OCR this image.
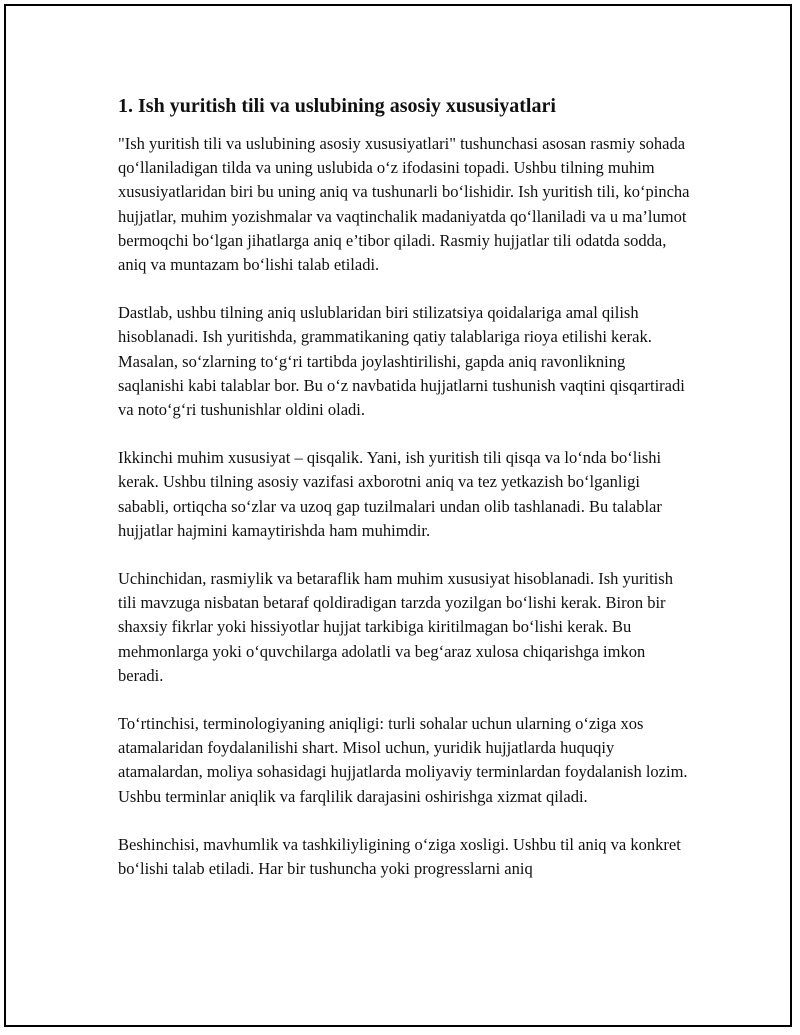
1. Ish yuritish tili va uslubining asosiy xususiyatlari

"Ish yuritish tili va uslubining asosiy xususiyatlari" tushunchasi asosan rasmiy sohada qo‘llaniladigan tilda va uning uslubida o‘z ifodasini topadi. Ushbu tilning muhim xususiyatlaridan biri bu uning aniq va tushunarli bo‘lishidir. Ish yuritish tili, ko‘pincha hujjatlar, muhim yozishmalar va vaqtinchalik madaniyatda qo‘llaniladi va u ma’lumot bermoqchi bo‘lgan jihatlarga aniq e’tibor qiladi. Rasmiy hujjatlar tili odatda sodda, aniq va muntazam bo‘lishi talab etiladi.

Dastlab, ushbu tilning aniq uslublaridan biri stilizatsiya qoidalariga amal qilish hisoblanadi. Ish yuritishda, grammatikaning qatiy talablariga rioya etilishi kerak. Masalan, so‘zlarning to‘g‘ri tartibda joylashtirilishi, gapda aniq ravonlikning saqlanishi kabi talablar bor. Bu o‘z navbatida hujjatlarni tushunish vaqtini qisqartiradi va noto‘g‘ri tushunishlar oldini oladi.

Ikkinchi muhim xususiyat – qisqalik. Yani, ish yuritish tili qisqa va lo‘nda bo‘lishi kerak. Ushbu tilning asosiy vazifasi axborotni aniq va tez yetkazish bo‘lganligi sababli, ortiqcha so‘zlar va uzoq gap tuzilmalari undan olib tashlanadi. Bu talablar hujjatlar hajmini kamaytirishda ham muhimdir.

Uchinchidan, rasmiylik va betaraflik ham muhim xususiyat hisoblanadi. Ish yuritish tili mavzuga nisbatan betaraf qoldiradigan tarzda yozilgan bo‘lishi kerak. Biron bir shaxsiy fikrlar yoki hissiyotlar hujjat tarkibiga kiritilmagan bo‘lishi kerak. Bu mehmonlarga yoki o‘quvchilarga adolatli va beg‘araz xulosa chiqarishga imkon beradi.

To‘rtinchisi, terminologiyaning aniqligi: turli sohalar uchun ularning o‘ziga xos atamalaridan foydalanilishi shart. Misol uchun, yuridik hujjatlarda huquqiy atamalardan, moliya sohasidagi hujjatlarda moliyaviy terminlardan foydalanish lozim. Ushbu terminlar aniqlik va farqlilik darajasini oshirishga xizmat qiladi.

Beshinchisi, mavhumlik va tashkiliyligining o‘ziga xosligi. Ushbu til aniq va konkret bo‘lishi talab etiladi. Har bir tushuncha yoki progresslarni aniq
